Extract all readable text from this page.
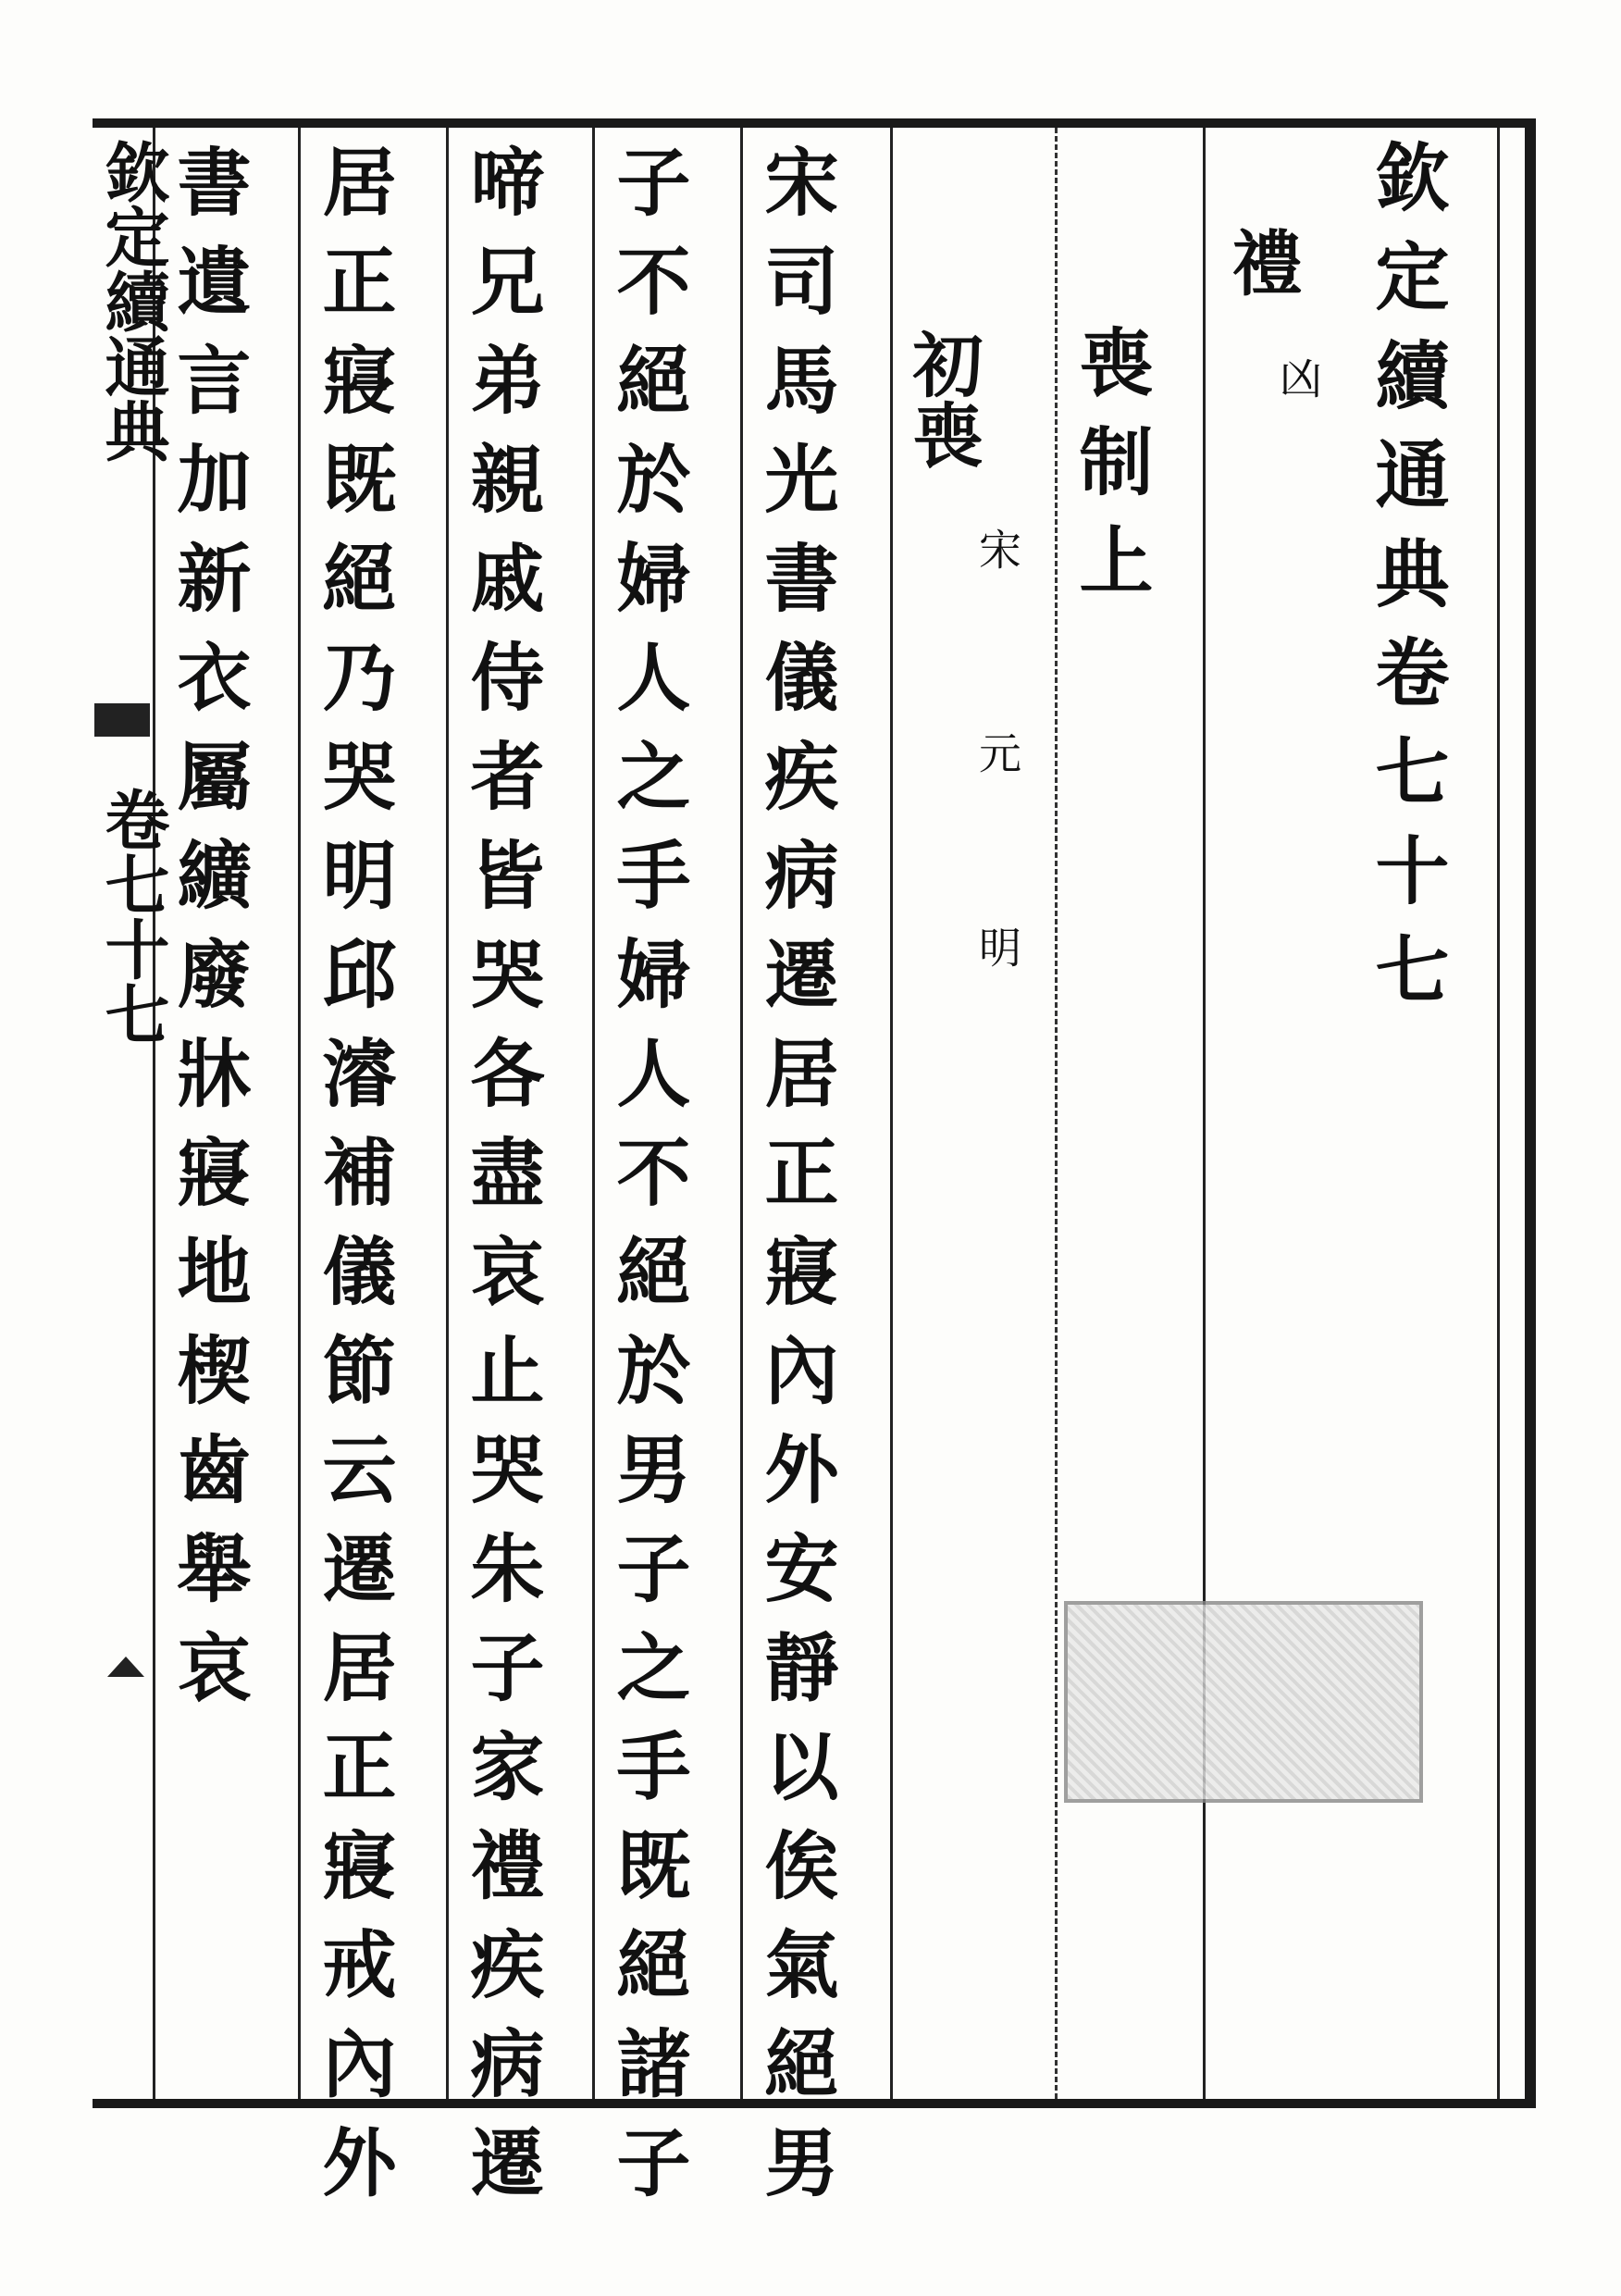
欽定續通典卷七十七
禮
凶
喪制上
初喪
宋
元
明
宋司馬光書儀疾病遷居正寢內外安靜以俟氣絕男
子不絕於婦人之手婦人不絕於男子之手既絕諸子
啼兄弟親戚侍者皆哭各盡哀止哭朱子家禮疾病遷
居正寢既絕乃哭明邱濬補儀節云遷居正寢戒內外
書遺言加新衣屬纊廢牀寢地楔齒舉哀
欽定續通典
卷七十七
